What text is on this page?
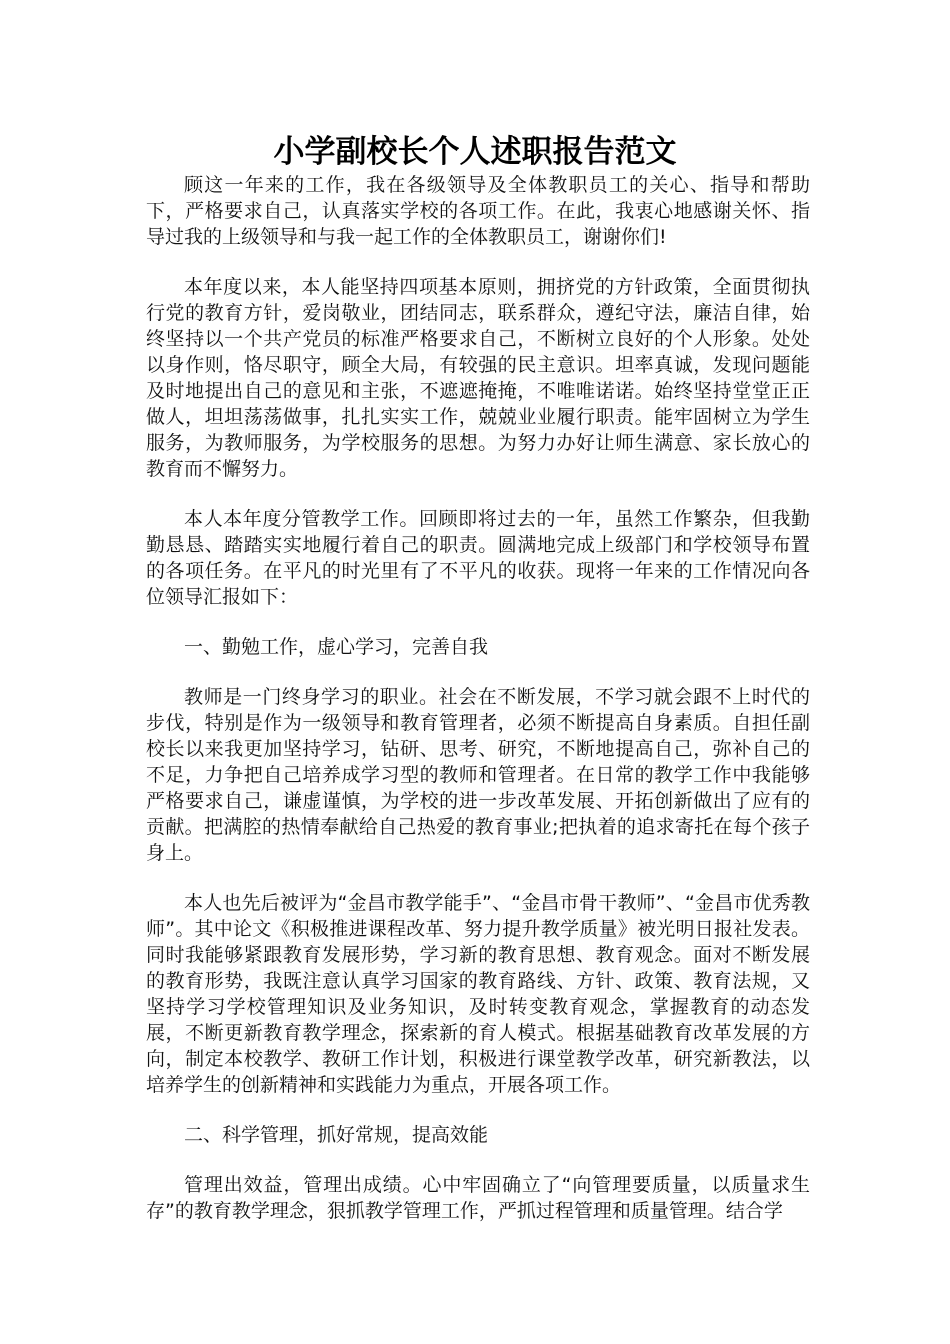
小学副校长个人述职报告范文

顾这一年来的工作，我在各级领导及全体教职员工的关心、指导和帮助下，严格要求自己，认真落实学校的各项工作。在此，我衷心地感谢关怀、指导过我的上级领导和与我一起工作的全体教职员工，谢谢你们!

本年度以来，本人能坚持四项基本原则，拥挤党的方针政策，全面贯彻执行党的教育方针，爱岗敬业，团结同志，联系群众，遵纪守法，廉洁自律，始终坚持以一个共产党员的标准严格要求自己，不断树立良好的个人形象。处处以身作则，恪尽职守，顾全大局，有较强的民主意识。坦率真诚，发现问题能及时地提出自己的意见和主张，不遮遮掩掩，不唯唯诺诺。始终坚持堂堂正正做人，坦坦荡荡做事，扎扎实实工作，兢兢业业履行职责。能牢固树立为学生服务，为教师服务，为学校服务的思想。为努力办好让师生满意、家长放心的教育而不懈努力。

本人本年度分管教学工作。回顾即将过去的一年，虽然工作繁杂，但我勤勤恳恳、踏踏实实地履行着自己的职责。圆满地完成上级部门和学校领导布置的各项任务。在平凡的时光里有了不平凡的收获。现将一年来的工作情况向各位领导汇报如下：

一、勤勉工作，虚心学习，完善自我

教师是一门终身学习的职业。社会在不断发展，不学习就会跟不上时代的步伐，特别是作为一级领导和教育管理者，必须不断提高自身素质。自担任副校长以来我更加坚持学习，钻研、思考、研究，不断地提高自己，弥补自己的不足，力争把自己培养成学习型的教师和管理者。在日常的教学工作中我能够严格要求自己，谦虚谨慎，为学校的进一步改革发展、开拓创新做出了应有的贡献。把满腔的热情奉献给自己热爱的教育事业;把执着的追求寄托在每个孩子身上。

本人也先后被评为“金昌市教学能手”、“金昌市骨干教师”、“金昌市优秀教师”。其中论文《积极推进课程改革、努力提升教学质量》被光明日报社发表。同时我能够紧跟教育发展形势，学习新的教育思想、教育观念。面对不断发展的教育形势，我既注意认真学习国家的教育路线、方针、政策、教育法规，又坚持学习学校管理知识及业务知识，及时转变教育观念，掌握教育的动态发展，不断更新教育教学理念，探索新的育人模式。根据基础教育改革发展的方向，制定本校教学、教研工作计划，积极进行课堂教学改革，研究新教法，以培养学生的创新精神和实践能力为重点，开展各项工作。

二、科学管理，抓好常规，提高效能

管理出效益，管理出成绩。心中牢固确立了“向管理要质量，以质量求生存”的教育教学理念，狠抓教学管理工作，严抓过程管理和质量管理。结合学
